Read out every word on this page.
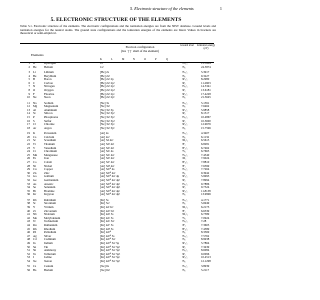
5. Electronic structure of the elements	1
5. ELECTRONIC STRUCTURE OF THE ELEMENTS
Table 5.1. Electronic structure of the elements. The electronic configurations and the ionization energies are from the NIST database. Ground levels and ionization energies for the neutral atoms. The ground state configurations and the ionization energies of the elements are listed. Values in brackets are theoretical or semi-empirical.
Electron configuration
(bra ·[·]· shell of the element)
Ground level	Ionization energy (eV)
Elements
K	L	M	N	O	P	Q
1 H	Hydrogen	1s	²S₁/₂	13.5984
2 He	Helium	1s²	¹S₀	24.5874
3 Li	Lithium	[He] 2s	²S₁/₂	5.3917
4 Be	Beryllium	[He] 2s²	¹S₀	9.3227
5 B	Boron	[He] 2s² 2p	²P₁/₂	8.2980
6 C	Carbon	[He] 2s² 2p²	³P₀	11.2603
7 N	Nitrogen	[He] 2s² 2p³	⁴S₃/₂	14.5341
8 O	Oxygen	[He] 2s² 2p⁴	³P₂	13.6181
9 F	Fluorine	[He] 2s² 2p⁵	²P₃/₂	17.4228
10 Ne	Neon	[He] 2s² 2p⁶	¹S₀	21.5645
11 Na	Sodium	[Ne] 3s	²S₁/₂	5.1391
12 Mg Magnesium	[Ne] 3s²	¹S₀	7.6462
13 Al	Aluminum	[Ne] 3s² 3p	²P₁/₂	5.9858
14 Si	Silicon	[Ne] 3s² 3p²	³P₀	8.1517
15 P	Phosphorus	[Ne] 3s² 3p³	⁴S₃/₂	10.4867
16 S	Sulfur	[Ne] 3s² 3p⁴	³P₂	10.3600
17 Cl	Chlorine	[Ne] 3s² 3p⁵	²P₃/₂	12.9676
18 Ar	Argon	[Ne] 3s² 3p⁶	¹S₀	15.7596
19 K	Potassium	[Ar] 4s	²S₁/₂	4.3407
20 Ca	Calcium	[Ar] 4s²	¹S₀	6.1132
21 Sc	Scandium	[Ar] 3d 4s²	²D₃/₂	6.5615
22 Ti	Titanium	[Ar] 3d² 4s²	³F₂	6.8281
23 V	Vanadium	[Ar] 3d³ 4s²	⁴F₃/₂	6.7462
24 Cr	Chromium	[Ar] 3d⁵ 4s	⁷S₃	6.7665
25 Mn Manganese	[Ar] 3d⁵ 4s²	⁶S₅/₂	7.4340
26 Fe	Iron	[Ar] 3d⁶ 4s²	⁵D₄	7.9024
27 Co Cobalt	[Ar] 3d⁷ 4s²	⁴F₉/₂	7.8810
28 Ni	Nickel	[Ar] 3d⁸ 4s²	³F₄	7.6399
29 Cu Copper	[Ar] 3d¹⁰ 4s	²S₁/₂	7.7264
30 Zn	Zinc	[Ar] 3d¹⁰ 4s²	¹S₀	9.3942
31 Ga	Gallium	[Ar] 3d¹⁰ 4s² 4p	²P₁/₂	5.9993
32 Ge	Germanium	[Ar] 3d¹⁰ 4s² 4p²	³P₀	7.8994
33 As	Arsenic	[Ar] 3d¹⁰ 4s² 4p³	⁴S₃/₂	9.7886
34 Se	Selenium	[Ar] 3d¹⁰ 4s² 4p⁴	³P₂	9.7524
35 Br	Bromine	[Ar] 3d¹⁰ 4s² 4p⁵	²P₃/₂	11.8138
36 Kr	Krypton	[Ar] 3d¹⁰ 4s² 4p⁶	¹S₀	13.9996
37 Rb Rubidium	[Kr] 5s	²S₁/₂	4.1771
38 Sr	Strontium	[Kr] 5s²	¹S₀	5.6949
39 Y	Yttrium	[Kr] 4d 5s²	²D₃/₂	6.2173
40 Zr	Zirconium	[Kr] 4d² 5s²	³F₂	6.6339
41 Nb Niobium	[Kr] 4d⁴ 5s	⁶D₁/₂	6.7589
42 Mo Molybdenum	[Kr] 4d⁵ 5s	⁷S₃	7.0924
43 Tc	Technetium	[Kr] 4d⁵ 5s²	⁶S₅/₂	7.28
44 Ru Ruthenium	[Kr] 4d⁷ 5s	⁵F₅	7.3605
45 Rh Rhodium	[Kr] 4d⁸ 5s	⁴F₉/₂	7.4589
46 Pd	Palladium	[Kr] 4d¹⁰	¹S₀	8.3369
47 Ag Silver	[Kr] 4d¹⁰ 5s	²S₁/₂	7.5762
48 Cd Cadmium	[Kr] 4d¹⁰ 5s²	¹S₀	8.9938
49 In	Indium	[Kr] 4d¹⁰ 5s² 5p	²P₁/₂	5.7864
50 Sn	Tin	[Kr] 4d¹⁰ 5s² 5p²	³P₀	7.3439
51 Sb	Antimony	[Kr] 4d¹⁰ 5s² 5p³	⁴S₃/₂	8.6084
52 Te	Tellurium	[Kr] 4d¹⁰ 5s² 5p⁴	³P₂	9.0096
53 I	Iodine	[Kr] 4d¹⁰ 5s² 5p⁵	²P₃/₂	10.4513
54 Xe	Xenon	[Kr] 4d¹⁰ 5s² 5p⁶	¹S₀	12.1298
55 Cs	Cesium	[Xe] 6s	²S₁/₂	3.8939
56 Ba	Barium	[Xe] 6s²	¹S₀	5.2117
